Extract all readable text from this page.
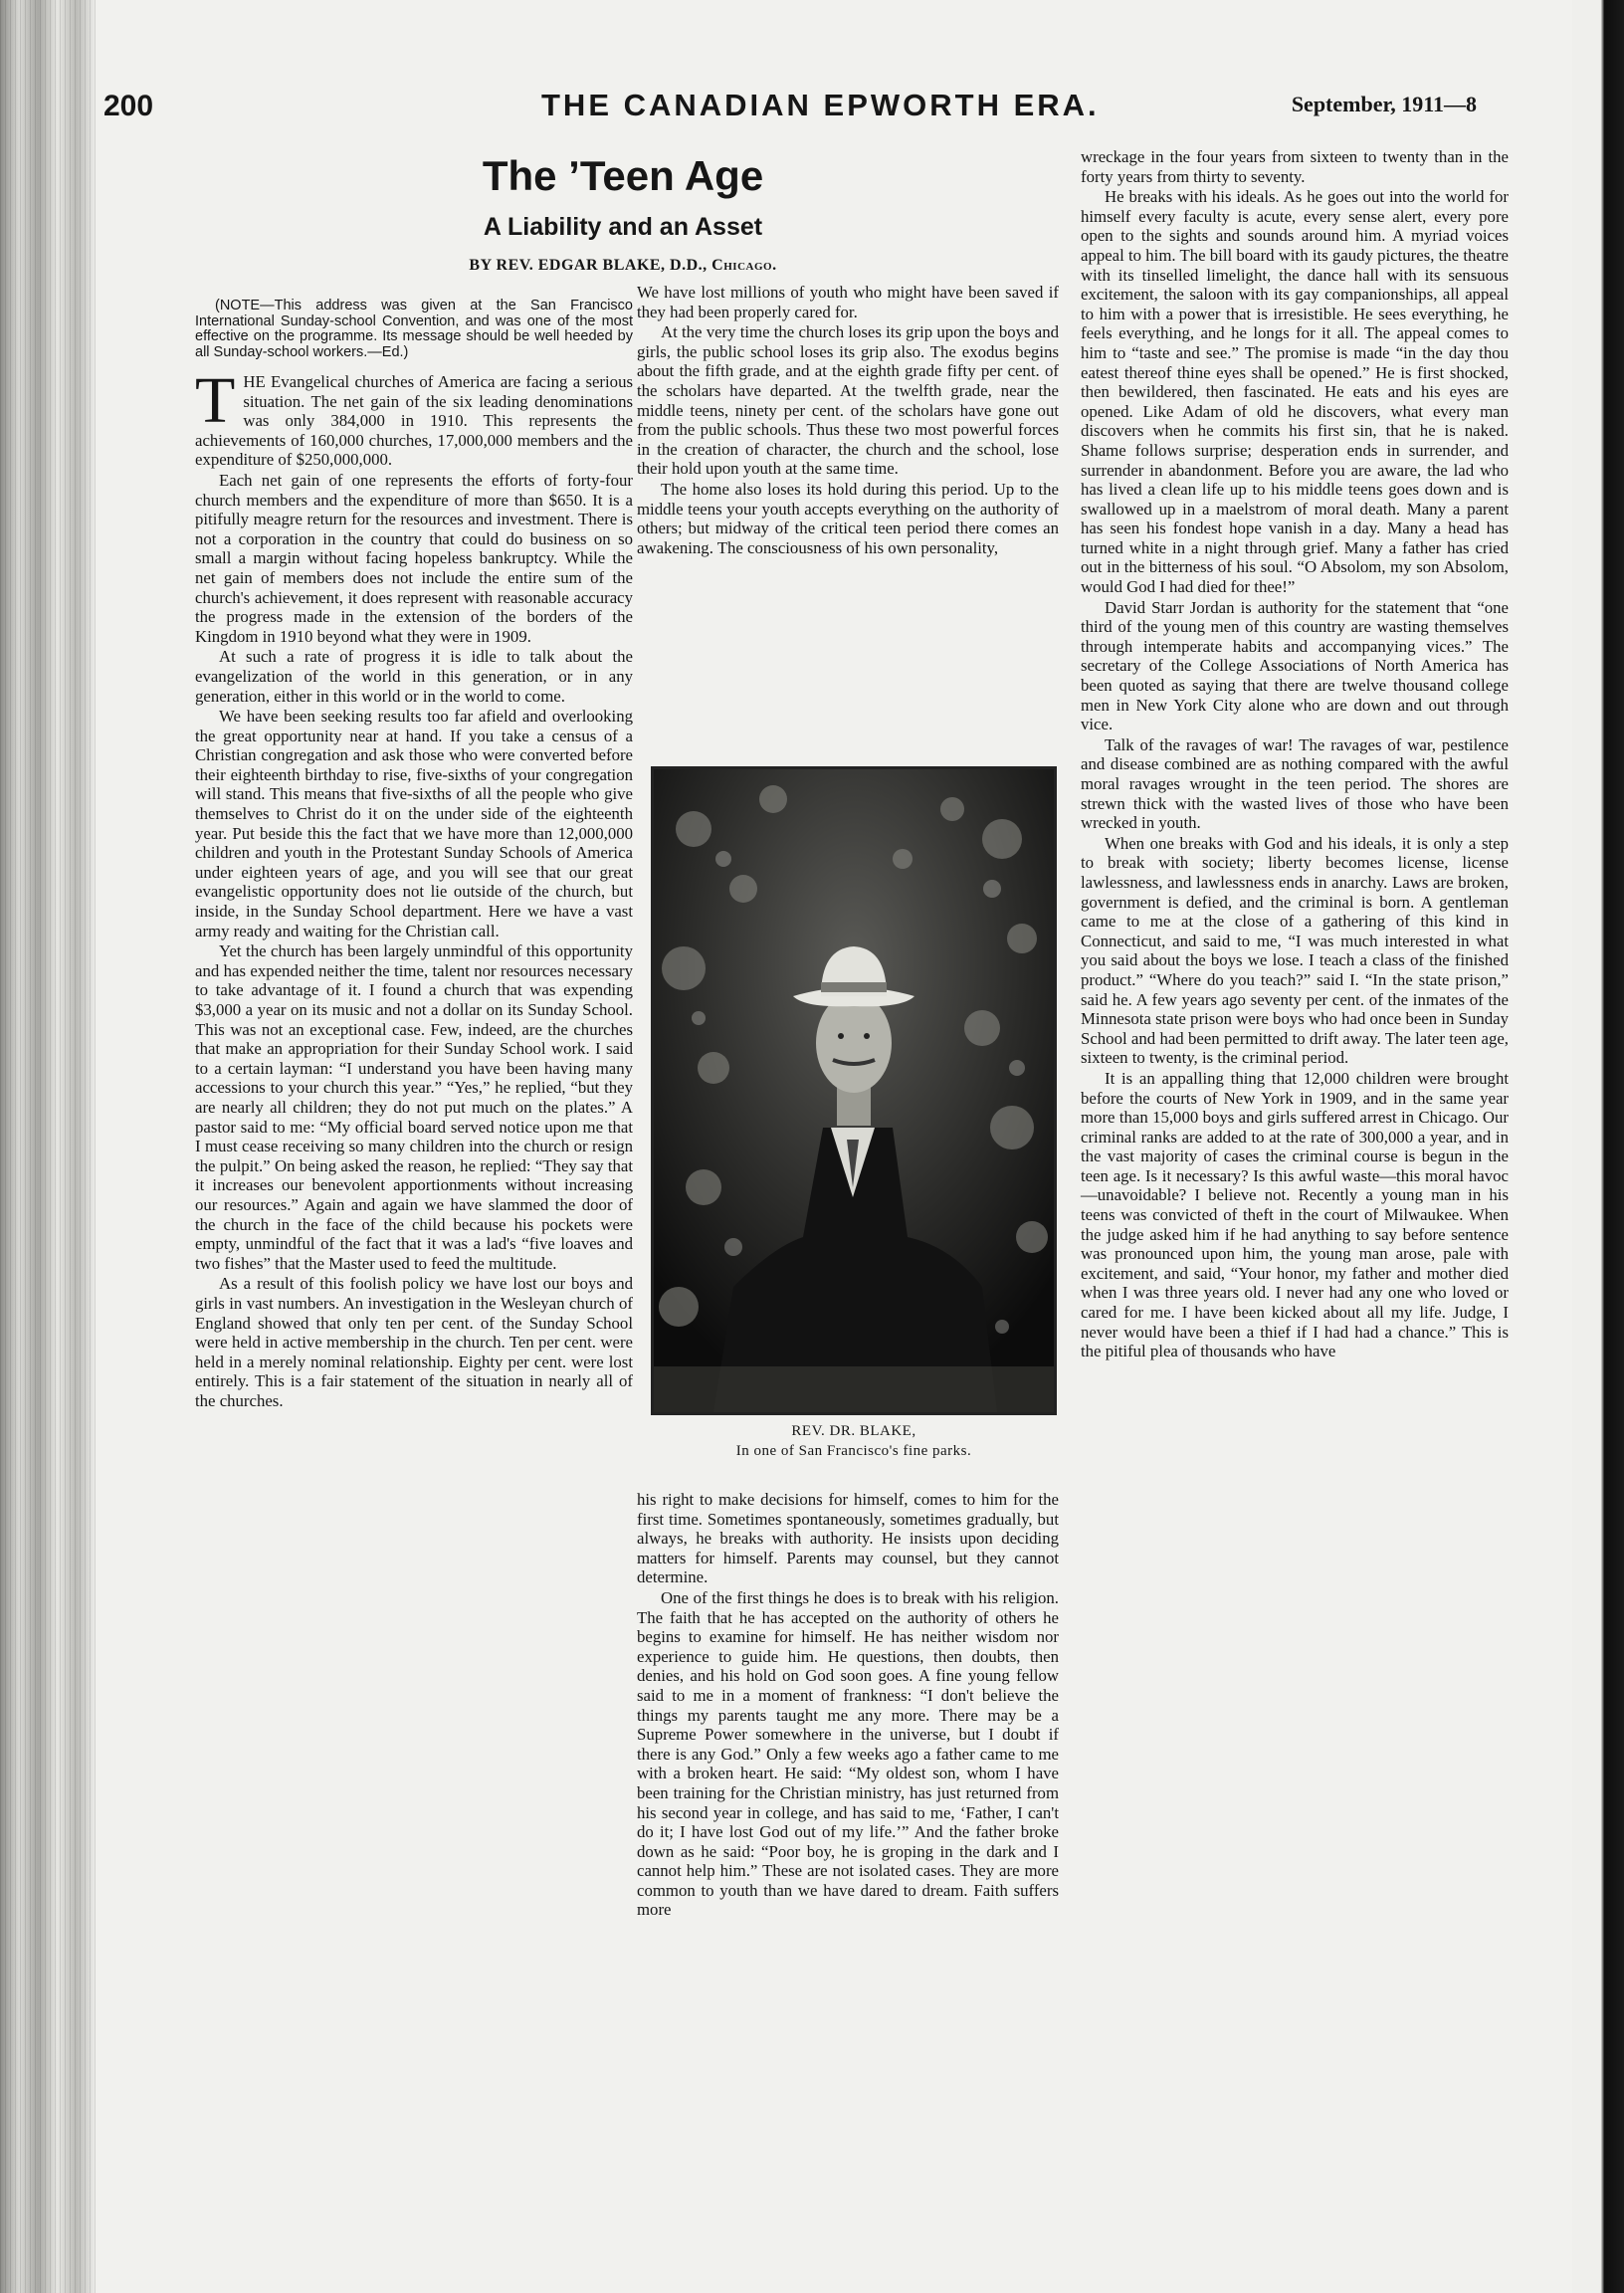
200	THE CANADIAN EPWORTH ERA.	September, 1911—8
The ’Teen Age
A Liability and an Asset
BY REV. EDGAR BLAKE, D.D., Chicago.

(NOTE—This address was given at the San Francisco International Sunday-school Convention, and was one of the most effective on the programme. Its message should be well heeded by all Sunday-school workers.—Ed.)

THE Evangelical churches of America are facing a serious situation. The net gain of the six leading denominations was only 384,000 in 1910. This represents the achievements of 160,000 churches, 17,000,000 members and the expenditure of $250,000,000.

Each net gain of one represents the efforts of forty-four church members and the expenditure of more than $650. It is a pitifully meagre return for the resources and investment. There is not a corporation in the country that could do business on so small a margin without facing hopeless bankruptcy. While the net gain of members does not include the entire sum of the church's achievement, it does represent with reasonable accuracy the progress made in the extension of the borders of the Kingdom in 1910 beyond what they were in 1909.

At such a rate of progress it is idle to talk about the evangelization of the world in this generation, or in any generation, either in this world or in the world to come.

We have been seeking results too far afield and overlooking the great opportunity near at hand. If you take a census of a Christian congregation and ask those who were converted before their eighteenth birthday to rise, five-sixths of your congregation will stand. This means that five-sixths of all the people who give themselves to Christ do it on the under side of the eighteenth year. Put beside this the fact that we have more than 12,000,000 children and youth in the Protestant Sunday Schools of America under eighteen years of age, and you will see that our great evangelistic opportunity does not lie outside of the church, but inside, in the Sunday School department. Here we have a vast army ready and waiting for the Christian call.

Yet the church has been largely unmindful of this opportunity and has expended neither the time, talent nor resources necessary to take advantage of it. I found a church that was expending $3,000 a year on its music and not a dollar on its Sunday School. This was not an exceptional case. Few, indeed, are the churches that make an appropriation for their Sunday School work. I said to a certain layman: “I understand you have been having many accessions to your church this year.” “Yes,” he replied, “but they are nearly all children; they do not put much on the plates.” A pastor said to me: “My official board served notice upon me that I must cease receiving so many children into the church or resign the pulpit.” On being asked the reason, he replied: “They say that it increases our benevolent apportionments without increasing our resources.” Again and again we have slammed the door of the church in the face of the child because his pockets were empty, unmindful of the fact that it was a lad's “five loaves and two fishes” that the Master used to feed the multitude.

As a result of this foolish policy we have lost our boys and girls in vast numbers. An investigation in the Wesleyan church of England showed that only ten per cent. of the Sunday School were held in active membership in the church. Ten per cent. were held in a merely nominal relationship. Eighty per cent. were lost entirely. This is a fair statement of the situation in nearly all of the churches.

We have lost millions of youth who might have been saved if they had been properly cared for.

At the very time the church loses its grip upon the boys and girls, the public school loses its grip also. The exodus begins about the fifth grade, and at the eighth grade fifty per cent. of the scholars have departed. At the twelfth grade, near the middle teens, ninety per cent. of the scholars have gone out from the public schools. Thus these two most powerful forces in the creation of character, the church and the school, lose their hold upon youth at the same time.

The home also loses its hold during this period. Up to the middle teens your youth accepts everything on the authority of others; but midway of the critical teen period there comes an awakening. The consciousness of his own personality,

REV. DR. BLAKE,
In one of San Francisco's fine parks.

his right to make decisions for himself, comes to him for the first time. Sometimes spontaneously, sometimes gradually, but always, he breaks with authority. He insists upon deciding matters for himself. Parents may counsel, but they cannot determine.

One of the first things he does is to break with his religion. The faith that he has accepted on the authority of others he begins to examine for himself. He has neither wisdom nor experience to guide him. He questions, then doubts, then denies, and his hold on God soon goes. A fine young fellow said to me in a moment of frankness: “I don't believe the things my parents taught me any more. There may be a Supreme Power somewhere in the universe, but I doubt if there is any God.” Only a few weeks ago a father came to me with a broken heart. He said: “My oldest son, whom I have been training for the Christian ministry, has just returned from his second year in college, and has said to me, ‘Father, I can't do it; I have lost God out of my life.’” And the father broke down as he said: “Poor boy, he is groping in the dark and I cannot help him.” These are not isolated cases. They are more common to youth than we have dared to dream. Faith suffers more

wreckage in the four years from sixteen to twenty than in the forty years from thirty to seventy.

He breaks with his ideals. As he goes out into the world for himself every faculty is acute, every sense alert, every pore open to the sights and sounds around him. A myriad voices appeal to him. The bill board with its gaudy pictures, the theatre with its tinselled limelight, the dance hall with its sensuous excitement, the saloon with its gay companionships, all appeal to him with a power that is irresistible. He sees everything, he feels everything, and he longs for it all. The appeal comes to him to “taste and see.” The promise is made “in the day thou eatest thereof thine eyes shall be opened.” He is first shocked, then bewildered, then fascinated. He eats and his eyes are opened. Like Adam of old he discovers, what every man discovers when he commits his first sin, that he is naked. Shame follows surprise; desperation ends in surrender, and surrender in abandonment. Before you are aware, the lad who has lived a clean life up to his middle teens goes down and is swallowed up in a maelstrom of moral death. Many a parent has seen his fondest hope vanish in a day. Many a head has turned white in a night through grief. Many a father has cried out in the bitterness of his soul. “O Absolom, my son Absolom, would God I had died for thee!”

David Starr Jordan is authority for the statement that “one third of the young men of this country are wasting themselves through intemperate habits and accompanying vices.” The secretary of the College Associations of North America has been quoted as saying that there are twelve thousand college men in New York City alone who are down and out through vice.

Talk of the ravages of war! The ravages of war, pestilence and disease combined are as nothing compared with the awful moral ravages wrought in the teen period. The shores are strewn thick with the wasted lives of those who have been wrecked in youth.

When one breaks with God and his ideals, it is only a step to break with society; liberty becomes license, license lawlessness, and lawlessness ends in anarchy. Laws are broken, government is defied, and the criminal is born. A gentleman came to me at the close of a gathering of this kind in Connecticut, and said to me, “I was much interested in what you said about the boys we lose. I teach a class of the finished product.” “Where do you teach?” said I. “In the state prison,” said he. A few years ago seventy per cent. of the inmates of the Minnesota state prison were boys who had once been in Sunday School and had been permitted to drift away. The later teen age, sixteen to twenty, is the criminal period.

It is an appalling thing that 12,000 children were brought before the courts of New York in 1909, and in the same year more than 15,000 boys and girls suffered arrest in Chicago. Our criminal ranks are added to at the rate of 300,000 a year, and in the vast majority of cases the criminal course is begun in the teen age. Is it necessary? Is this awful waste—this moral havoc—unavoidable? I believe not. Recently a young man in his teens was convicted of theft in the court of Milwaukee. When the judge asked him if he had anything to say before sentence was pronounced upon him, the young man arose, pale with excitement, and said, “Your honor, my father and mother died when I was three years old. I never had any one who loved or cared for me. I have been kicked about all my life. Judge, I never would have been a thief if I had had a chance.” This is the pitiful plea of thousands who have
